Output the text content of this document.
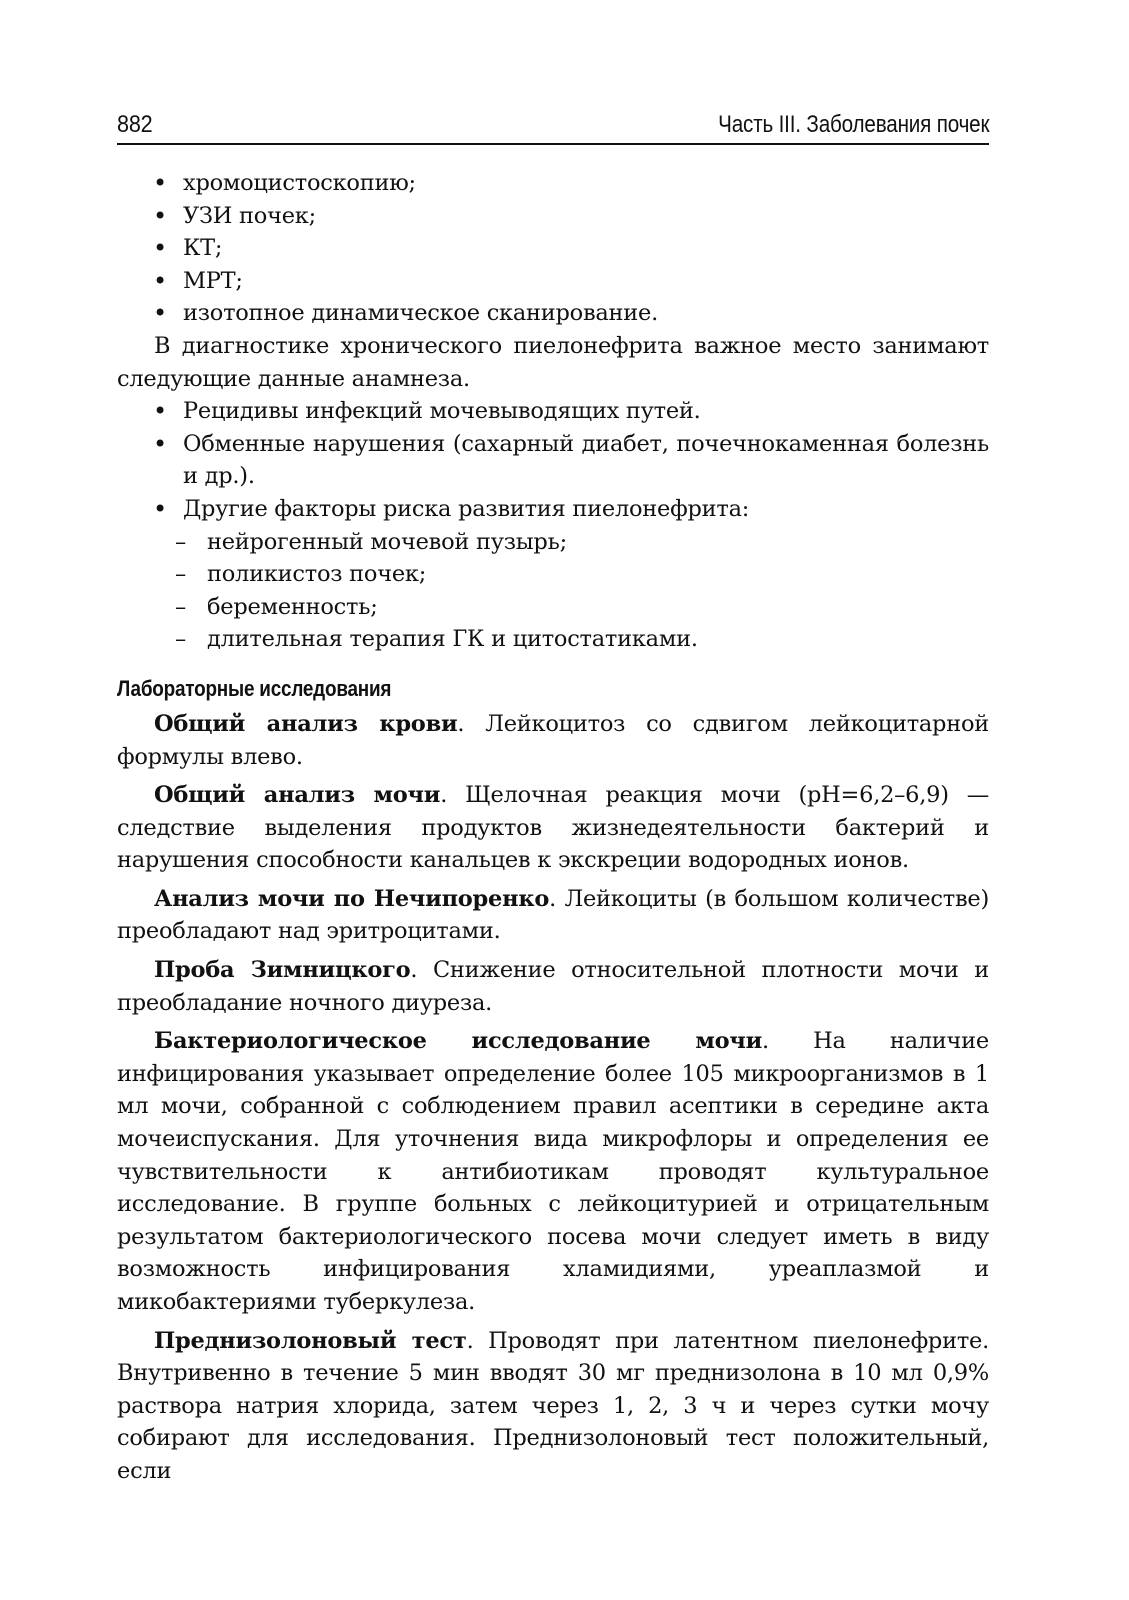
882	Часть III. Заболевания почек
• хромоцистоскопию;
• УЗИ почек;
• КТ;
• МРТ;
• изотопное динамическое сканирование.

В диагностике хронического пиелонефрита важное место занимают следующие данные анамнеза.

• Рецидивы инфекций мочевыводящих путей.
• Обменные нарушения (сахарный диабет, почечнокаменная болезнь и др.).
• Другие факторы риска развития пиелонефрита:
– нейрогенный мочевой пузырь;
– поликистоз почек;
– беременность;
– длительная терапия ГК и цитостатиками.
Лабораторные исследования

Общий анализ крови. Лейкоцитоз со сдвигом лейкоцитарной формулы влево.

Общий анализ мочи. Щелочная реакция мочи (pH=6,2–6,9) — следствие выделения продуктов жизнедеятельности бактерий и нарушения способности канальцев к экскреции водородных ионов.

Анализ мочи по Нечипоренко. Лейкоциты (в большом количестве) преобладают над эритроцитами.

Проба Зимницкого. Снижение относительной плотности мочи и преобладание ночного диуреза.

Бактериологическое исследование мочи. На наличие инфицирования указывает определение более 105 микроорганизмов в 1 мл мочи, собранной с соблюдением правил асептики в середине акта мочеиспускания. Для уточнения вида микрофлоры и определения ее чувствительности к антибиотикам проводят культуральное исследование. В группе больных с лейкоцитурией и отрицательным результатом бактериологического посева мочи следует иметь в виду возможность инфицирования хламидиями, уреаплазмой и микобактериями туберкулеза.

Преднизолоновый тест. Проводят при латентном пиелонефрите. Внутривенно в течение 5 мин вводят 30 мг преднизолона в 10 мл 0,9% раствора натрия хлорида, затем через 1, 2, 3 ч и через сутки мочу собирают для исследования. Преднизолоновый тест положительный, если
